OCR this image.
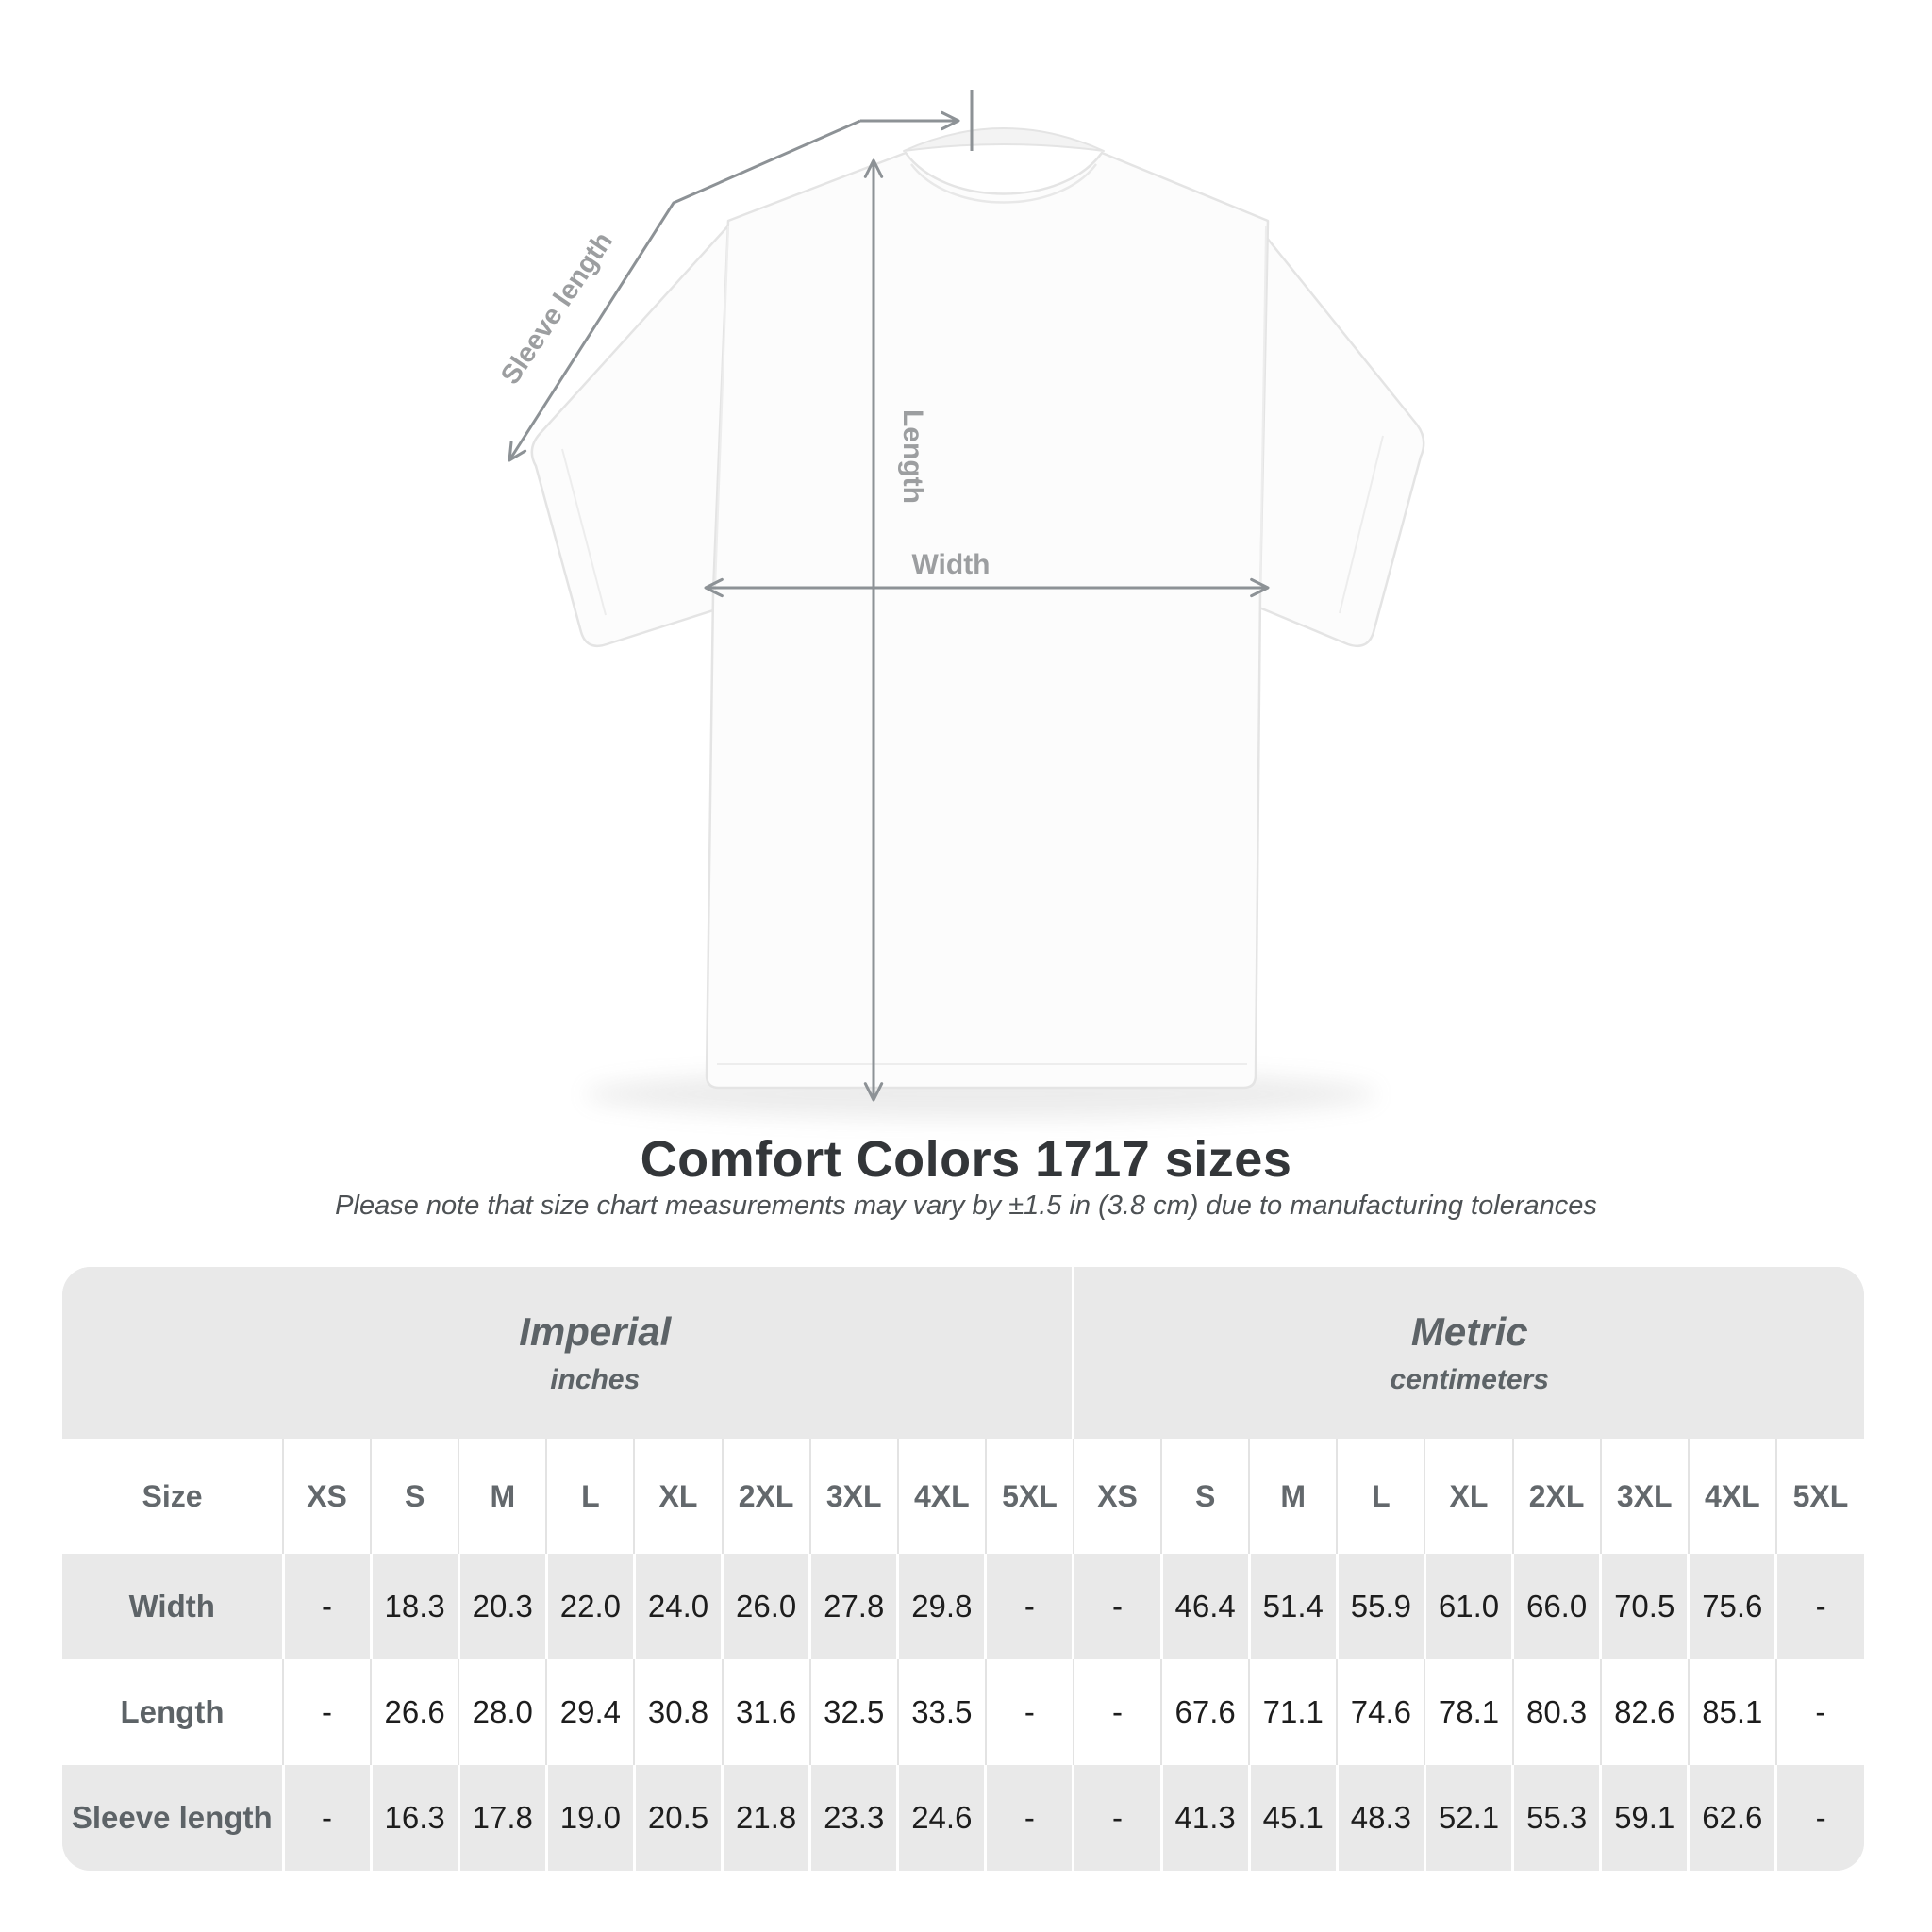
Sleeve length
Length
Width
Comfort Colors 1717 sizes
Please note that size chart measurements may vary by ±1.5 in (3.8 cm) due to manufacturing tolerances
Imperial
inches

Metric
centimeters

Size	XS	S	M	L	XL	2XL	3XL	4XL	5XL	XS	S	M	L	XL	2XL	3XL	4XL	5XL
Width	-	18.3	20.3	22.0	24.0	26.0	27.8	29.8	-	-	46.4	51.4	55.9	61.0	66.0	70.5	75.6	-
Length	-	26.6	28.0	29.4	30.8	31.6	32.5	33.5	-	-	67.6	71.1	74.6	78.1	80.3	82.6	85.1	-
Sleeve length	-	16.3	17.8	19.0	20.5	21.8	23.3	24.6	-	-	41.3	45.1	48.3	52.1	55.3	59.1	62.6	-
